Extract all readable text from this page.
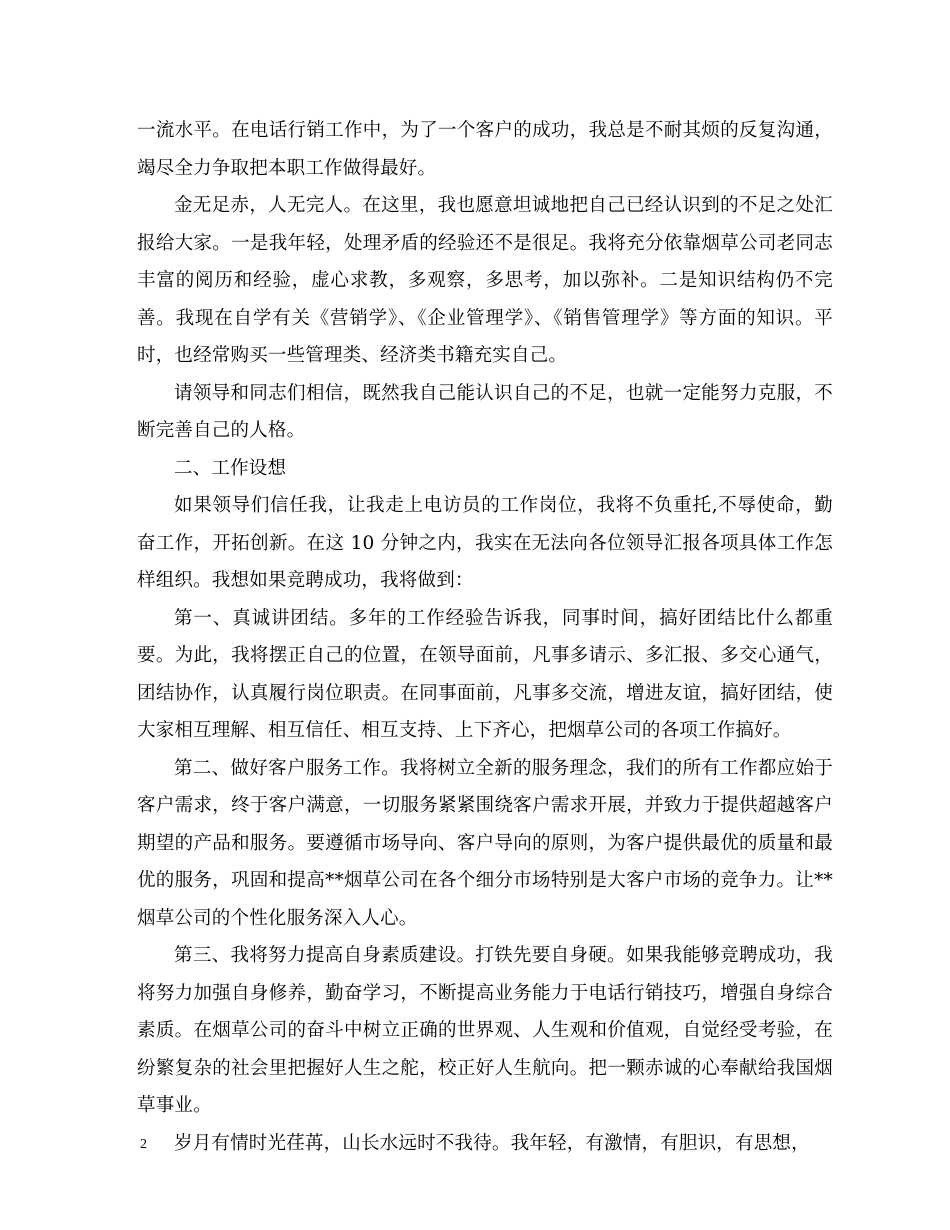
一流水平。在电话行销工作中，为了一个客户的成功，我总是不耐其烦的反复沟通，竭尽全力争取把本职工作做得最好。

金无足赤，人无完人。在这里，我也愿意坦诚地把自己已经认识到的不足之处汇报给大家。一是我年轻，处理矛盾的经验还不是很足。我将充分依靠烟草公司老同志丰富的阅历和经验，虚心求教，多观察，多思考，加以弥补。二是知识结构仍不完善。我现在自学有关《营销学》、《企业管理学》、《销售管理学》等方面的知识。平时，也经常购买一些管理类、经济类书籍充实自己。

请领导和同志们相信，既然我自己能认识自己的不足，也就一定能努力克服，不断完善自己的人格。

二、工作设想

如果领导们信任我，让我走上电访员的工作岗位，我将不负重托,不辱使命，勤奋工作，开拓创新。在这 10 分钟之内，我实在无法向各位领导汇报各项具体工作怎样组织。我想如果竞聘成功，我将做到：

第一、真诚讲团结。多年的工作经验告诉我，同事时间，搞好团结比什么都重要。为此，我将摆正自己的位置，在领导面前，凡事多请示、多汇报、多交心通气，团结协作，认真履行岗位职责。在同事面前，凡事多交流，增进友谊，搞好团结，使大家相互理解、相互信任、相互支持、上下齐心，把烟草公司的各项工作搞好。

第二、做好客户服务工作。我将树立全新的服务理念，我们的所有工作都应始于客户需求，终于客户满意，一切服务紧紧围绕客户需求开展，并致力于提供超越客户期望的产品和服务。要遵循市场导向、客户导向的原则，为客户提供最优的质量和最优的服务，巩固和提高**烟草公司在各个细分市场特别是大客户市场的竞争力。让**烟草公司的个性化服务深入人心。

第三、我将努力提高自身素质建设。打铁先要自身硬。如果我能够竞聘成功，我将努力加强自身修养，勤奋学习，不断提高业务能力于电话行销技巧，增强自身综合素质。在烟草公司的奋斗中树立正确的世界观、人生观和价值观，自觉经受考验，在纷繁复杂的社会里把握好人生之舵，校正好人生航向。把一颗赤诚的心奉献给我国烟草事业。

岁月有情时光荏苒，山长水远时不我待。我年轻，有激情，有胆识，有思想，

2
